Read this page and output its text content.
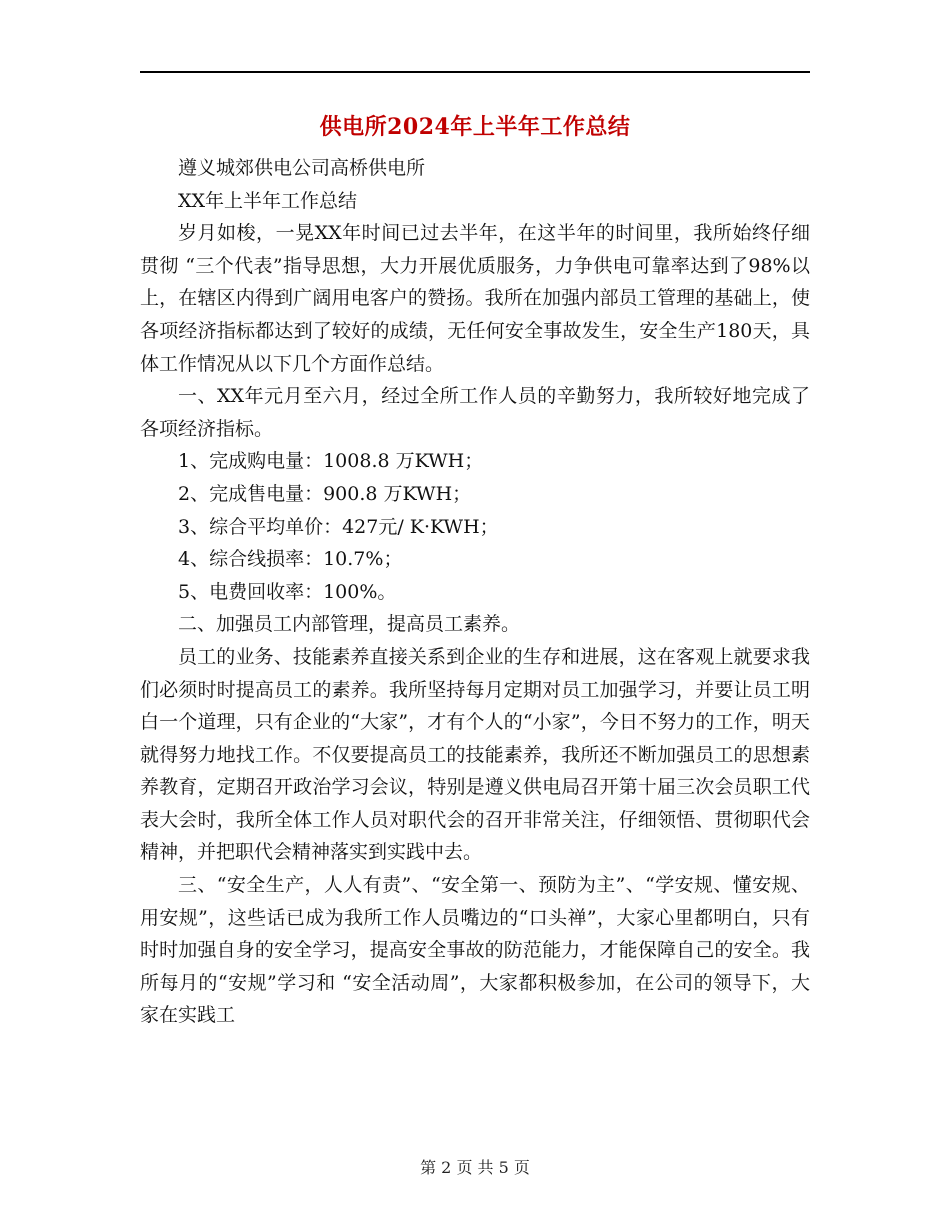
供电所2024年上半年工作总结

遵义城郊供电公司高桥供电所

XX年上半年工作总结

岁月如梭，一晃XX年时间已过去半年，在这半年的时间里，我所始终仔细贯彻 “三个代表”指导思想，大力开展优质服务，力争供电可靠率达到了98%以上，在辖区内得到广阔用电客户的赞扬。我所在加强内部员工管理的基础上，使各项经济指标都达到了较好的成绩，无任何安全事故发生，安全生产180天，具体工作情况从以下几个方面作总结。

一、XX年元月至六月，经过全所工作人员的辛勤努力，我所较好地完成了各项经济指标。

1、完成购电量：1008.8 万KWH；

2、完成售电量：900.8 万KWH；

3、综合平均单价：427元/ K·KWH；

4、综合线损率：10.7%；

5、电费回收率：100%。

二、加强员工内部管理，提高员工素养。

员工的业务、技能素养直接关系到企业的生存和进展，这在客观上就要求我们必须时时提高员工的素养。我所坚持每月定期对员工加强学习，并要让员工明白一个道理，只有企业的“大家”，才有个人的“小家”，今日不努力的工作，明天就得努力地找工作。不仅要提高员工的技能素养，我所还不断加强员工的思想素养教育，定期召开政治学习会议，特别是遵义供电局召开第十届三次会员职工代表大会时，我所全体工作人员对职代会的召开非常关注，仔细领悟、贯彻职代会精神，并把职代会精神落实到实践中去。

三、“安全生产，人人有责”、“安全第一、预防为主”、“学安规、懂安规、用安规”，这些话已成为我所工作人员嘴边的“口头禅”，大家心里都明白，只有时时加强自身的安全学习，提高安全事故的防范能力，才能保障自己的安全。我所每月的“安规”学习和 “安全活动周”，大家都积极参加，在公司的领导下，大家在实践工

第 2 页 共 5 页
